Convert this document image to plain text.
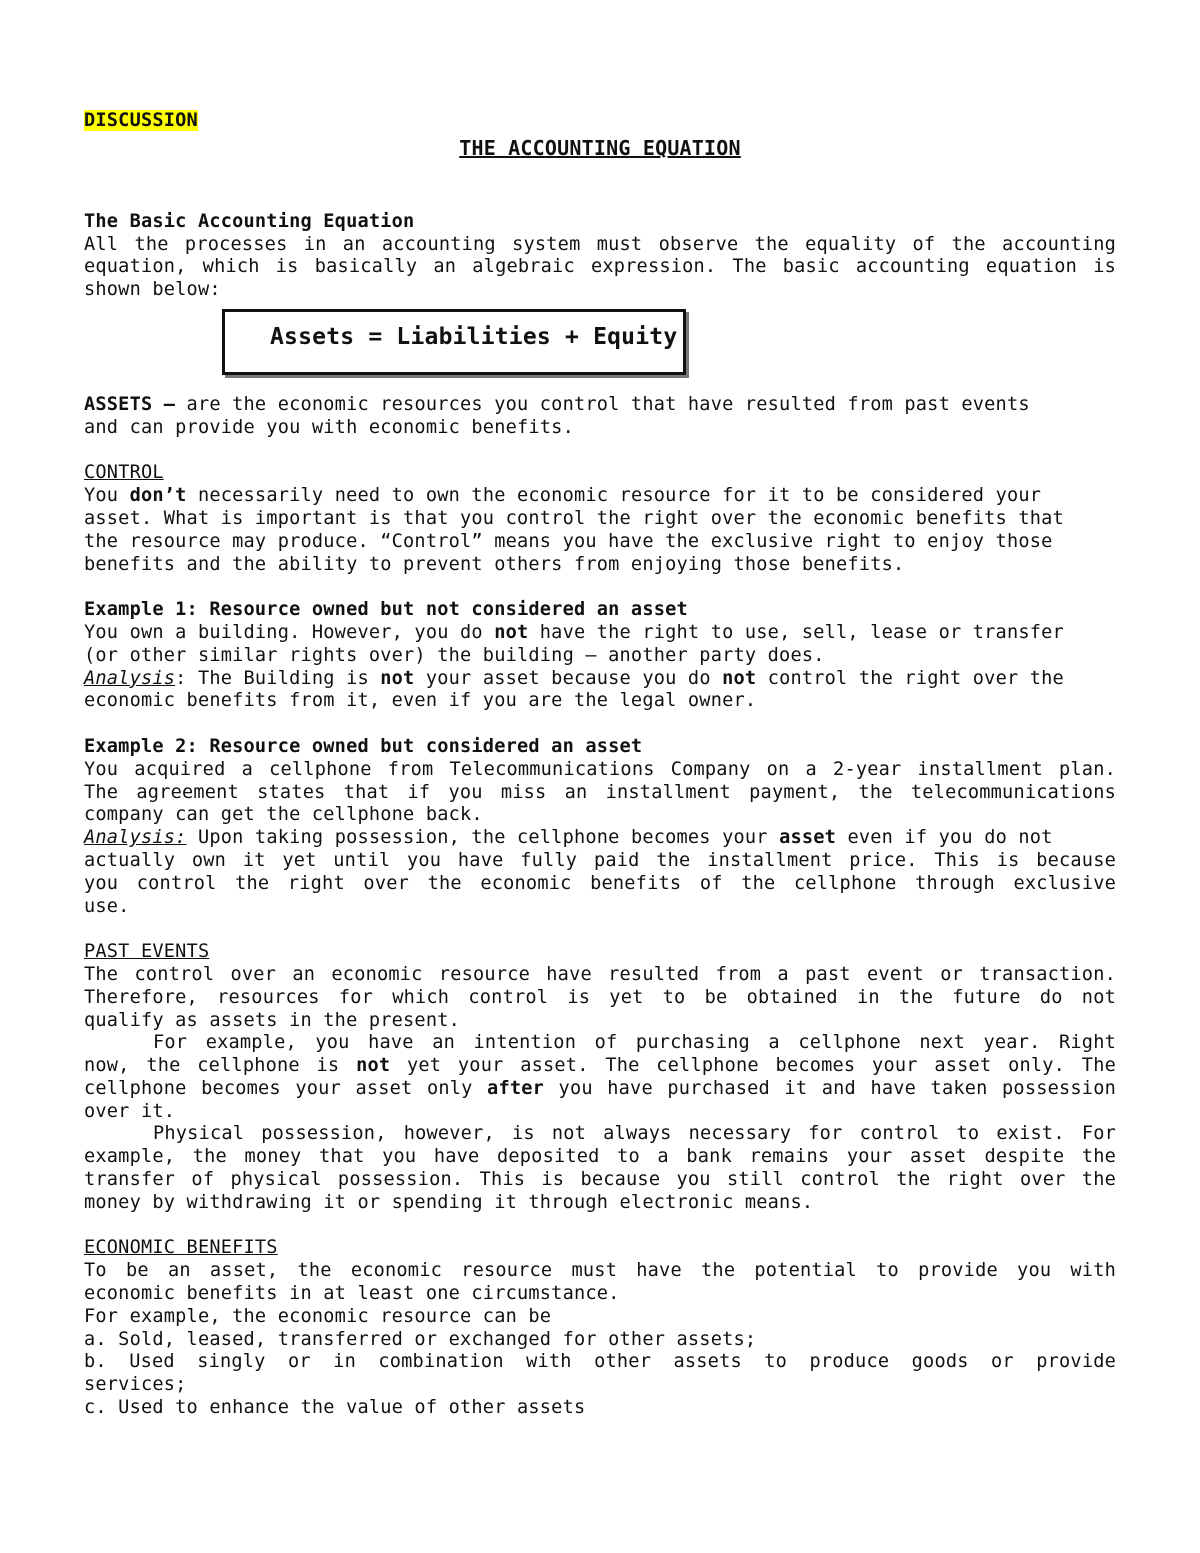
DISCUSSION
THE ACCOUNTING EQUATION
The Basic Accounting Equation
All the processes in an accounting system must observe the equality of the accounting
equation, which is basically an algebraic expression. The basic accounting equation is
shown below:
Assets = Liabilities + Equity
ASSETS – are the economic resources you control that have resulted from past events
and can provide you with economic benefits.
CONTROL
You don’t necessarily need to own the economic resource for it to be considered your
asset. What is important is that you control the right over the economic benefits that
the resource may produce. “Control” means you have the exclusive right to enjoy those
benefits and the ability to prevent others from enjoying those benefits.
Example 1: Resource owned but not considered an asset
You own a building. However, you do not have the right to use, sell, lease or transfer
(or other similar rights over) the building – another party does.
Analysis: The Building is not your asset because you do not control the right over the
economic benefits from it, even if you are the legal owner.
Example 2: Resource owned but considered an asset
You acquired a cellphone from Telecommunications Company on a 2-year installment plan.
The agreement states that if you miss an installment payment, the telecommunications
company can get the cellphone back.
Analysis: Upon taking possession, the cellphone becomes your asset even if you do not
actually own it yet until you have fully paid the installment price. This is because
you control the right over the economic benefits of the cellphone through exclusive
use.
PAST EVENTS
The control over an economic resource have resulted from a past event or transaction.
Therefore, resources for which control is yet to be obtained in the future do not
qualify as assets in the present.
For example, you have an intention of purchasing a cellphone next year. Right
now, the cellphone is not yet your asset. The cellphone becomes your asset only. The
cellphone becomes your asset only after you have purchased it and have taken possession
over it.
Physical possession, however, is not always necessary for control to exist. For
example, the money that you have deposited to a bank remains your asset despite the
transfer of physical possession. This is because you still control the right over the
money by withdrawing it or spending it through electronic means.
ECONOMIC BENEFITS
To be an asset, the economic resource must have the potential to provide you with
economic benefits in at least one circumstance.
For example, the economic resource can be
a. Sold, leased, transferred or exchanged for other assets;
b. Used singly or in combination with other assets to produce goods or provide
services;
c. Used to enhance the value of other assets
